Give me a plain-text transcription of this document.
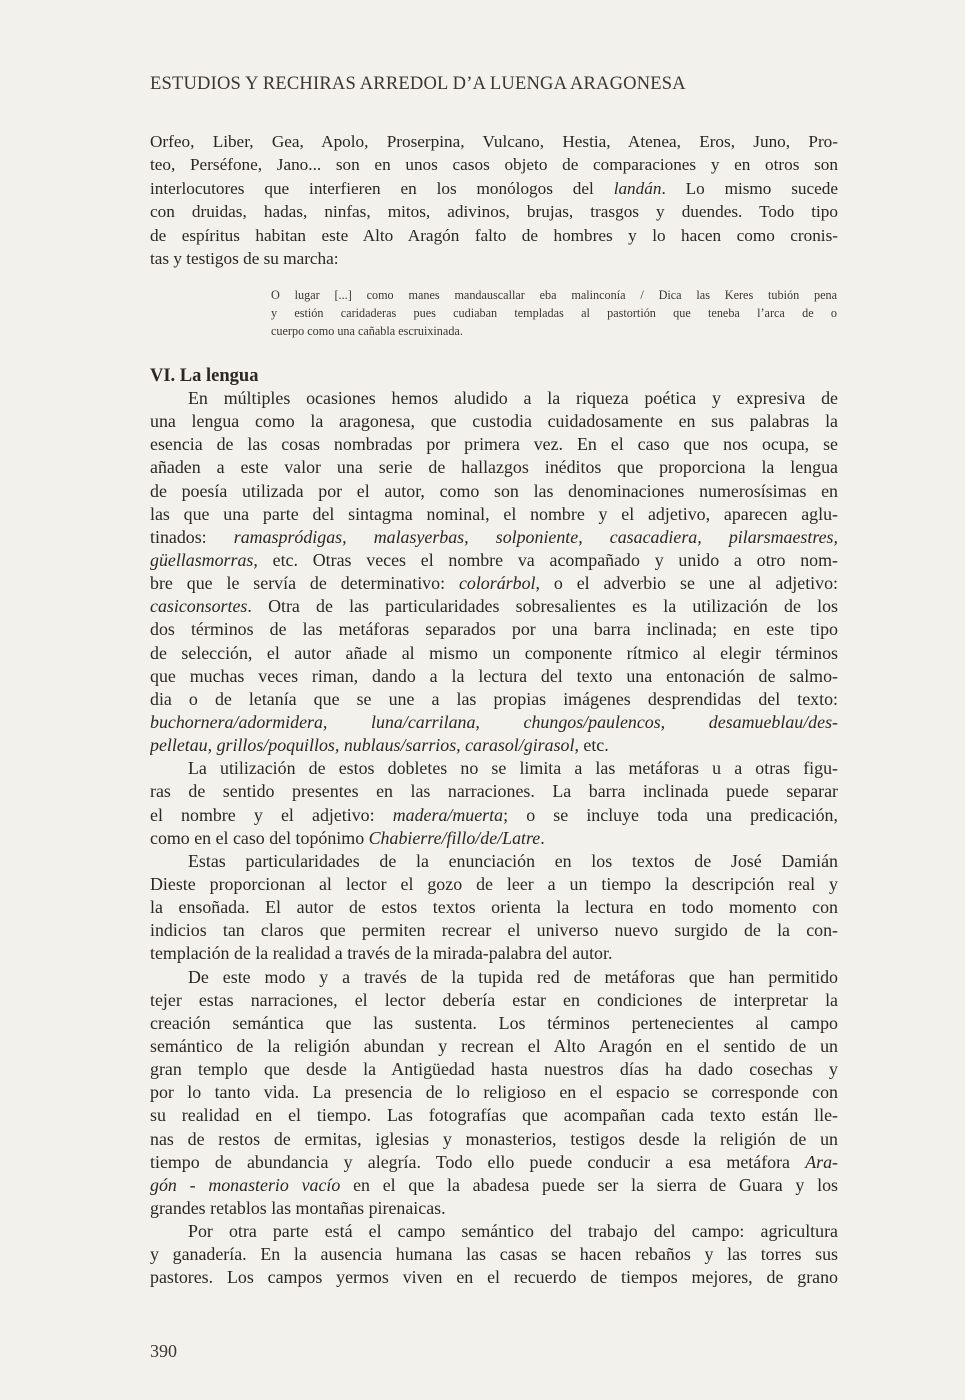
ESTUDIOS Y RECHIRAS ARREDOL D’A LUENGA ARAGONESA
Orfeo, Liber, Gea, Apolo, Proserpina, Vulcano, Hestia, Atenea, Eros, Juno, Pro-
teo, Perséfone, Jano... son en unos casos objeto de comparaciones y en otros son
interlocutores que interfieren en los monólogos del landán. Lo mismo sucede
con druidas, hadas, ninfas, mitos, adivinos, brujas, trasgos y duendes. Todo tipo
de espíritus habitan este Alto Aragón falto de hombres y lo hacen como cronis-
tas y testigos de su marcha:
O lugar [...] como manes mandauscallar eba malinconía / Dica las Keres tubión pena
y estión caridaderas pues cudiaban templadas al pastortión que teneba l’arca de o
cuerpo como una cañabla escruixinada.
VI. La lengua
En múltiples ocasiones hemos aludido a la riqueza poética y expresiva de
una lengua como la aragonesa, que custodia cuidadosamente en sus palabras la
esencia de las cosas nombradas por primera vez. En el caso que nos ocupa, se
añaden a este valor una serie de hallazgos inéditos que proporciona la lengua
de poesía utilizada por el autor, como son las denominaciones numerosísimas en
las que una parte del sintagma nominal, el nombre y el adjetivo, aparecen aglu-
tinados: ramaspródigas, malasyerbas, solponiente, casacadiera, pilarsmaestres,
güellasmorras, etc. Otras veces el nombre va acompañado y unido a otro nom-
bre que le servía de determinativo: colorárbol, o el adverbio se une al adjetivo:
casiconsortes. Otra de las particularidades sobresalientes es la utilización de los
dos términos de las metáforas separados por una barra inclinada; en este tipo
de selección, el autor añade al mismo un componente rítmico al elegir términos
que muchas veces riman, dando a la lectura del texto una entonación de salmo-
dia o de letanía que se une a las propias imágenes desprendidas del texto:
buchornera/adormidera, luna/carrilana, chungos/paulencos, desamueblau/des-
pelletau, grillos/poquillos, nublaus/sarrios, carasol/girasol, etc.
La utilización de estos dobletes no se limita a las metáforas u a otras figu-
ras de sentido presentes en las narraciones. La barra inclinada puede separar
el nombre y el adjetivo: madera/muerta; o se incluye toda una predicación,
como en el caso del topónimo Chabierre/fillo/de/Latre.
Estas particularidades de la enunciación en los textos de José Damián
Dieste proporcionan al lector el gozo de leer a un tiempo la descripción real y
la ensoñada. El autor de estos textos orienta la lectura en todo momento con
indicios tan claros que permiten recrear el universo nuevo surgido de la con-
templación de la realidad a través de la mirada-palabra del autor.
De este modo y a través de la tupida red de metáforas que han permitido
tejer estas narraciones, el lector debería estar en condiciones de interpretar la
creación semántica que las sustenta. Los términos pertenecientes al campo
semántico de la religión abundan y recrean el Alto Aragón en el sentido de un
gran templo que desde la Antigüedad hasta nuestros días ha dado cosechas y
por lo tanto vida. La presencia de lo religioso en el espacio se corresponde con
su realidad en el tiempo. Las fotografías que acompañan cada texto están lle-
nas de restos de ermitas, iglesias y monasterios, testigos desde la religión de un
tiempo de abundancia y alegría. Todo ello puede conducir a esa metáfora Ara-
gón - monasterio vacío en el que la abadesa puede ser la sierra de Guara y los
grandes retablos las montañas pirenaicas.
Por otra parte está el campo semántico del trabajo del campo: agricultura
y ganadería. En la ausencia humana las casas se hacen rebaños y las torres sus
pastores. Los campos yermos viven en el recuerdo de tiempos mejores, de grano
390
